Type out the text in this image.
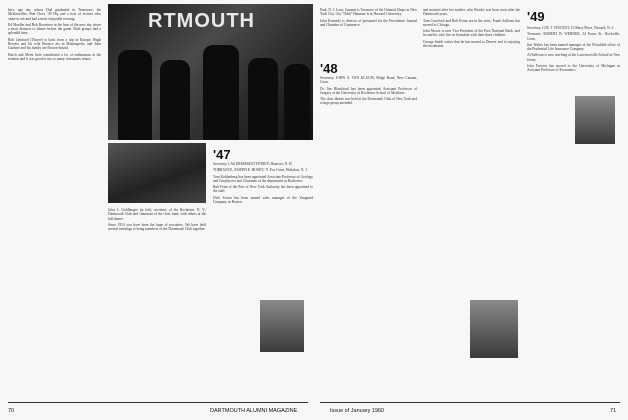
bers, age ten, whose Dad graduated in Tennessee, the McKonvilles, Ron Cloer, '49 Hq, and a host of visitors who came to see and had a most enjoyable evening.

Ed Mueller and Bob Rowntree in the heat of the new day drove a short distance to dinner before the game. Both groups had a splendid time.

Bob Leinhard (Thayer) is back from a trip in Europe; Hugh Bowers and his wife Bernice are in Minneapolis; and John Gardner and his family are Boston-bound.

Hatch and Meek both contributed a lot of enthusiasm at the reunion and it was good to see so many classmates return.

RTMOUTH

John L. Goldberger (at left), secretary of the Rochester, N. Y., Dartmouth Club and chairman of the class fund, with others at the fall dinner.

Since 1954 you have been the hope of recruiters. We have held several meetings to bring members of the Dartmouth Club together.

'47

Secretary, LAS DEMAREST FINNEY, Hanover, N. H.

TORRANCE, JOSEPH E. HOSEY, 71 Fox Court, Hohokus, N. J.

Tom Kohlenberg has been appointed Associate Professor of Geology and Geophysics and Chairman of the department at Rochester.

Bob Fenn of the Port of New York Authority has been appointed to the staff.

Dick Swinn has been named sales manager of the Vanguard Company in Boston.

Park, N. J. Larry Gannon is Treasurer of the Oriental Shops in New York City. Our "Oddi" Hammer is at Harvard University.

John Kennedy is director of personnel for the Providence Journal and Chamber of Commerce.

'48

Secretary, JOHN A. VAN KLAUW, Ridge Road, New Canaan, Conn.

Dr. Jim Blanchard has been appointed Assistant Professor of Surgery at the University of Rochester School of Medicine.

The class dinner was held at the Dartmouth Club of New York and a large group attended.

and married after her mother, who Brooks was born soon after the Dartmouth years.

Tom Crawford and Bob Evans are in the west; Frank Sullivan has moved to Chicago.

John Moore is now Vice President of the First National Bank, and he and his wife live in Scarsdale with their three children.

George Smith writes that he has moved to Denver and is enjoying the mountains.

'49

Secretary, LOU J. VINCENT, 10 Barry Place, Newark, N. J.

Treasurer, ROBERT B. WERNER, 34 Essex St., Rockville, Conn.

Jim Walter has been named manager of the Plainfield office of the Prudential Life Insurance Company.

Al Sullivan is now teaching at the Lawrenceville School in New Jersey.

John Frewert has moved to the University of Michigan as Assistant Professor of Economics.

70	DARTMOUTH ALUMNI MAGAZINE	Issue of January 1960	71
